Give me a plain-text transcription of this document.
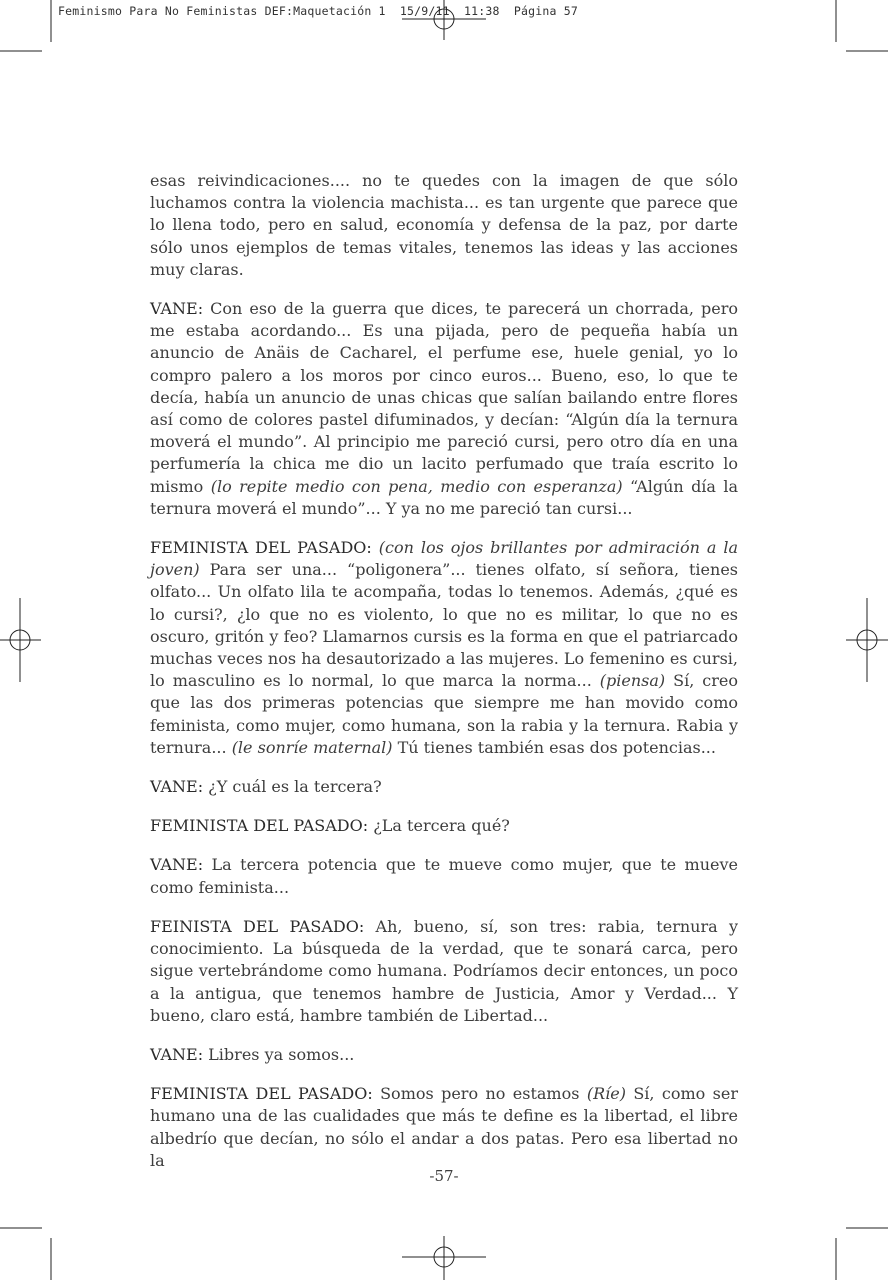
Feminismo Para No Feministas DEF:Maquetación 1  15/9/11  11:38  Página 57

esas reivindicaciones.... no te quedes con la imagen de que sólo luchamos contra la violencia machista... es tan urgente que parece que lo llena todo, pero en salud, economía y defensa de la paz, por darte sólo unos ejemplos de temas vitales, tenemos las ideas y las acciones muy claras.

VANE: Con eso de la guerra que dices, te parecerá un chorrada, pero me estaba acordando... Es una pijada, pero de pequeña había un anuncio de Anäis de Cacharel, el perfume ese, huele genial, yo lo compro palero a los moros por cinco euros... Bueno, eso, lo que te decía, había un anuncio de unas chicas que salían bailando entre flores así como de colores pastel difuminados, y decían: “Algún día la ternura moverá el mundo”. Al principio me pareció cursi, pero otro día en una perfumería la chica me dio un lacito perfumado que traía escrito lo mismo (lo repite medio con pena, medio con esperanza) “Algún día la ternura moverá el mundo”... Y ya no me pareció tan cursi...

FEMINISTA DEL PASADO: (con los ojos brillantes por admiración a la joven) Para ser una... “poligonera”... tienes olfato, sí señora, tienes olfato... Un olfato lila te acompaña, todas lo tenemos. Además, ¿qué es lo cursi?, ¿lo que no es violento, lo que no es militar, lo que no es oscuro, gritón y feo? Llamarnos cursis es la forma en que el patriarcado muchas veces nos ha desautorizado a las mujeres. Lo femenino es cursi, lo masculino es lo normal, lo que marca la norma... (piensa) Sí, creo que las dos primeras potencias que siempre me han movido como feminista, como mujer, como humana, son la rabia y la ternura. Rabia y ternura... (le sonríe maternal) Tú tienes también esas dos potencias...

VANE: ¿Y cuál es la tercera?

FEMINISTA DEL PASADO: ¿La tercera qué?

VANE: La tercera potencia que te mueve como mujer, que te mueve como feminista...

FEINISTA DEL PASADO: Ah, bueno, sí, son tres: rabia, ternura y conocimiento. La búsqueda de la verdad, que te sonará carca, pero sigue vertebrándome como humana. Podríamos decir entonces, un poco a la antigua, que tenemos hambre de Justicia, Amor y Verdad... Y bueno, claro está, hambre también de Libertad...

VANE: Libres ya somos...

FEMINISTA DEL PASADO: Somos pero no estamos (Ríe) Sí, como ser humano una de las cualidades que más te define es la libertad, el libre albedrío que decían, no sólo el andar a dos patas. Pero esa libertad no la

-57-
